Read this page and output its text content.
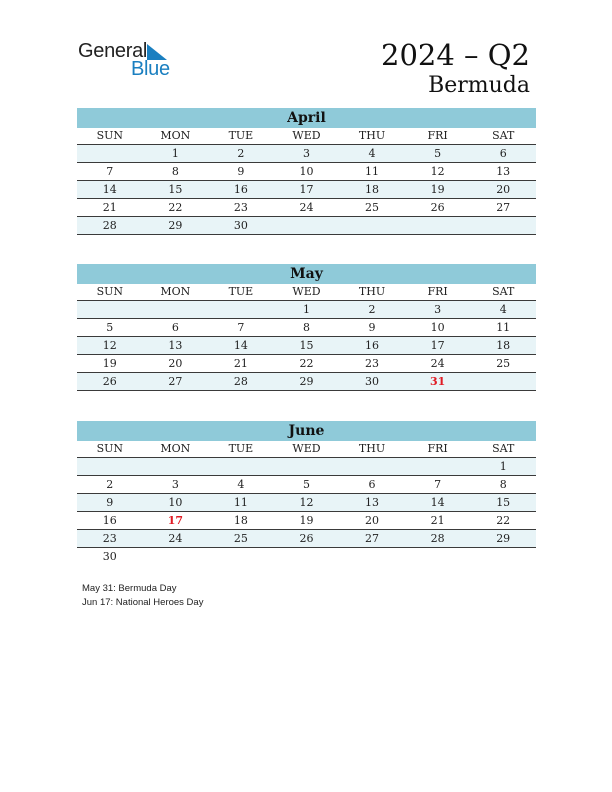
General
Blue	2024 – Q2
Bermuda
April
SUN	MON	TUE	WED	THU	FRI	SAT
	1	2	3	4	5	6
7	8	9	10	11	12	13
14	15	16	17	18	19	20
21	22	23	24	25	26	27
28	29	30				
May
SUN	MON	TUE	WED	THU	FRI	SAT
			1	2	3	4
5	6	7	8	9	10	11
12	13	14	15	16	17	18
19	20	21	22	23	24	25
26	27	28	29	30	31	
June
SUN	MON	TUE	WED	THU	FRI	SAT
						1
2	3	4	5	6	7	8
9	10	11	12	13	14	15
16	17	18	19	20	21	22
23	24	25	26	27	28	29
30						
May 31: Bermuda Day
Jun 17: National Heroes Day
